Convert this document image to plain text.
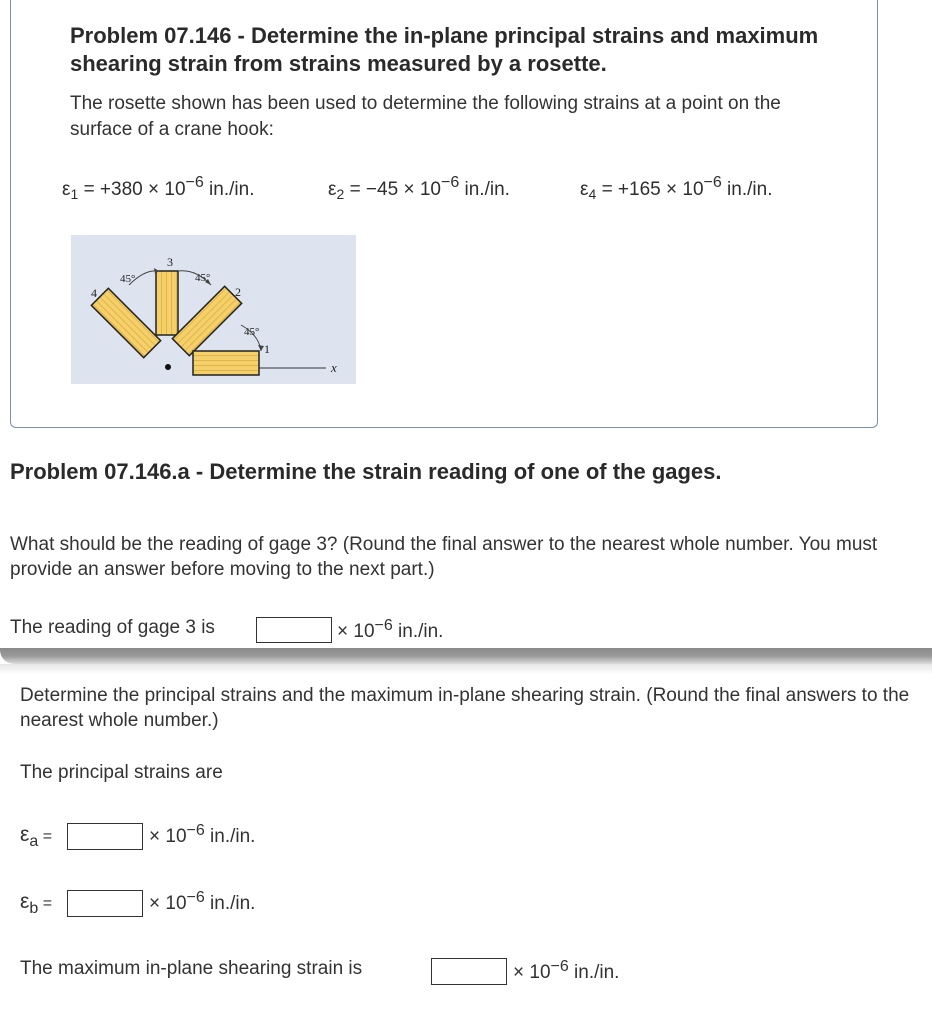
Problem 07.146 - Determine the in-plane principal strains and maximum shearing strain from strains measured by a rosette.
The rosette shown has been used to determine the following strains at a point on the surface of a crane hook:
$\varepsilon_1 = +380 \times 10^{-6}$ in./in.	$\varepsilon_2 = -45 \times 10^{-6}$ in./in.	$\varepsilon_4 = +165 \times 10^{-6}$ in./in.
3
4	2
1
45°	45°
45°
x
Problem 07.146.a - Determine the strain reading of one of the gages.
What should be the reading of gage 3? (Round the final answer to the nearest whole number. You must provide an answer before moving to the next part.)
The reading of gage 3 is	× $10^{-6}$ in./in.
Determine the principal strains and the maximum in-plane shearing strain. (Round the final answers to the nearest whole number.)
The principal strains are
$\varepsilon_a$ =	× $10^{-6}$ in./in.
$\varepsilon_b$ =	× $10^{-6}$ in./in.
The maximum in-plane shearing strain is	× $10^{-6}$ in./in.
